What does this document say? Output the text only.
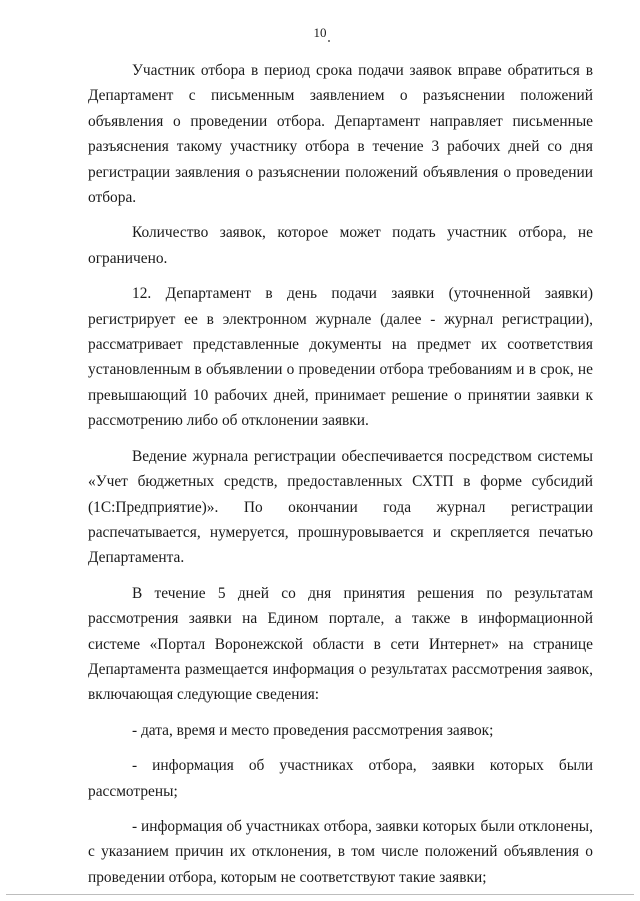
10

Участник отбора в период срока подачи заявок вправе обратиться в Департамент с письменным заявлением о разъяснении положений объявления о проведении отбора. Департамент направляет письменные разъяснения такому участнику отбора в течение 3 рабочих дней со дня регистрации заявления о разъяснении положений объявления о проведении отбора.

Количество заявок, которое может подать участник отбора, не ограничено.

12. Департамент в день подачи заявки (уточненной заявки) регистрирует ее в электронном журнале (далее - журнал регистрации), рассматривает представленные документы на предмет их соответствия установленным в объявлении о проведении отбора требованиям и в срок, не превышающий 10 рабочих дней, принимает решение о принятии заявки к рассмотрению либо об отклонении заявки.

Ведение журнала регистрации обеспечивается посредством системы «Учет бюджетных средств, предоставленных СХТП в форме субсидий (1С:Предприятие)». По окончании года журнал регистрации распечатывается, нумеруется, прошнуровывается и скрепляется печатью Департамента.

В течение 5 дней со дня принятия решения по результатам рассмотрения заявки на Едином портале, а также в информационной системе «Портал Воронежской области в сети Интернет» на странице Департамента размещается информация о результатах рассмотрения заявок, включающая следующие сведения:

- дата, время и место проведения рассмотрения заявок;

- информация об участниках отбора, заявки которых были рассмотрены;

- информация об участниках отбора, заявки которых были отклонены, с указанием причин их отклонения, в том числе положений объявления о проведении отбора, которым не соответствуют такие заявки;
